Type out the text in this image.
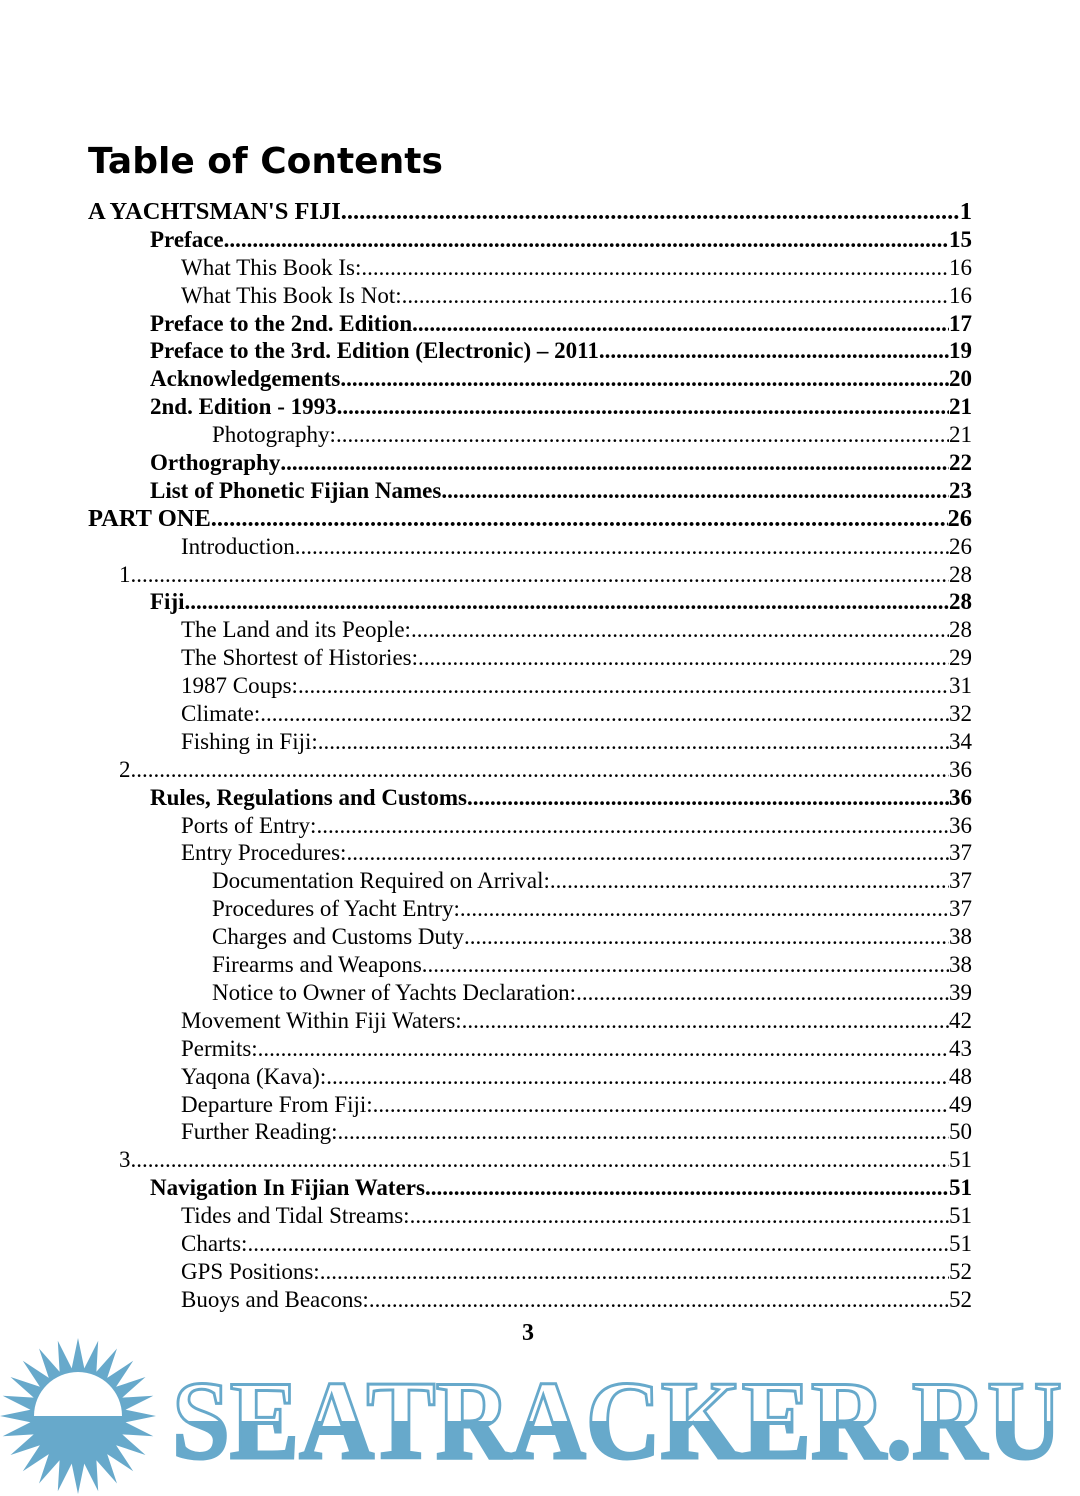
Table of Contents
A YACHTSMAN'S FIJI .....	1
Preface .....	15
What This Book Is: .....	16
What This Book Is Not: .....	16
Preface to the 2nd. Edition .....	17
Preface to the 3rd. Edition (Electronic) – 2011 .....	19
Acknowledgements .....	20
2nd. Edition - 1993 .....	21
Photography: .....	21
Orthography .....	22
List of Phonetic Fijian Names .....	23
PART ONE .....	26
Introduction .....	26
1 .....	28
Fiji .....	28
The Land and its People: .....	28
The Shortest of Histories: .....	29
1987 Coups: .....	31
Climate: .....	32
Fishing in Fiji: .....	34
2 .....	36
Rules, Regulations and Customs .....	36
Ports of Entry: .....	36
Entry Procedures: .....	37
Documentation Required on Arrival: .....	37
Procedures of Yacht Entry: .....	37
Charges and Customs Duty .....	38
Firearms and Weapons .....	38
Notice to Owner of Yachts Declaration: .....	39
Movement Within Fiji Waters: .....	42
Permits: .....	43
Yaqona (Kava): .....	48
Departure From Fiji: .....	49
Further Reading: .....	50
3 .....	51
Navigation In Fijian Waters .....	51
Tides and Tidal Streams: .....	51
Charts: .....	51
GPS Positions: .....	52
Buoys and Beacons: .....	52
3
SEATRACKER.RU
